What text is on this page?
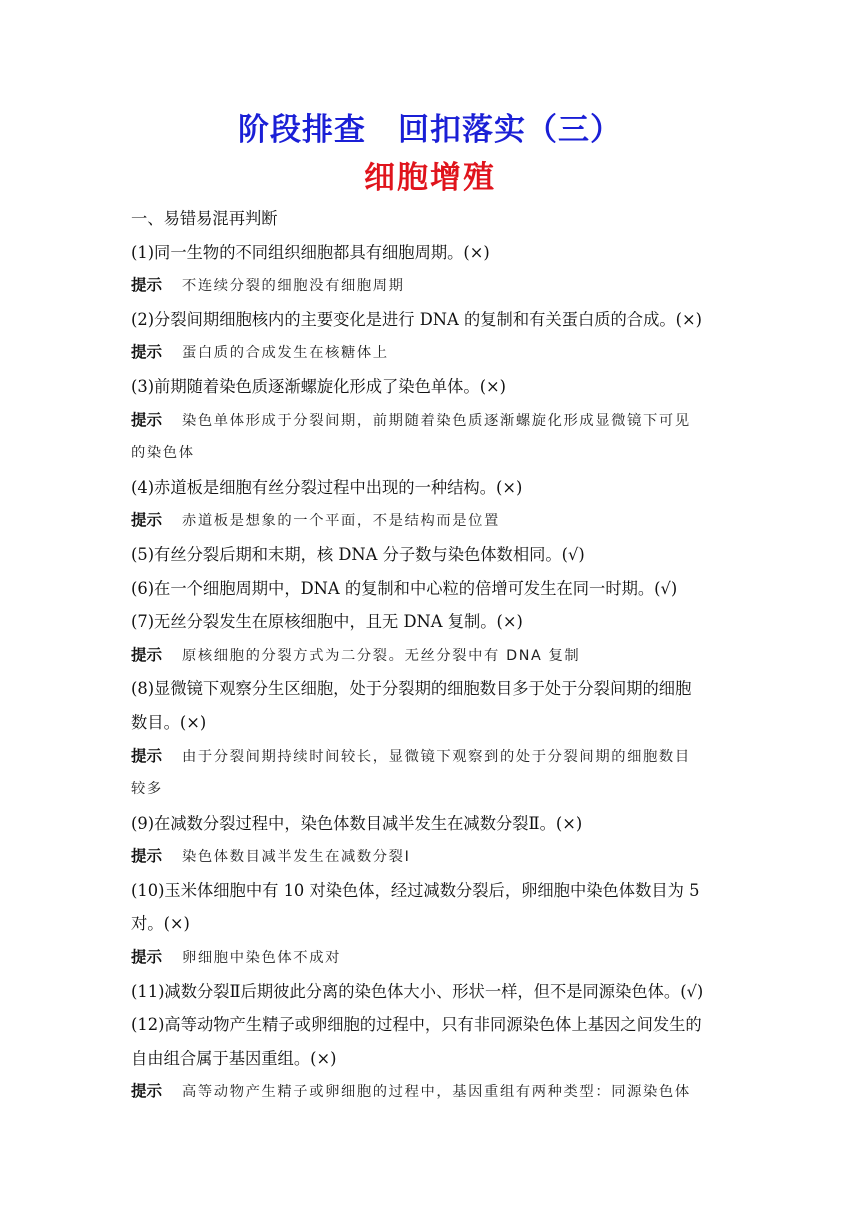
阶段排查　回扣落实（三）
细胞增殖
一、易错易混再判断
(1)同一生物的不同组织细胞都具有细胞周期。(×)
提示 不连续分裂的细胞没有细胞周期
(2)分裂间期细胞核内的主要变化是进行 DNA 的复制和有关蛋白质的合成。(×)
提示 蛋白质的合成发生在核糖体上
(3)前期随着染色质逐渐螺旋化形成了染色单体。(×)
提示 染色单体形成于分裂间期，前期随着染色质逐渐螺旋化形成显微镜下可见
的染色体
(4)赤道板是细胞有丝分裂过程中出现的一种结构。(×)
提示 赤道板是想象的一个平面，不是结构而是位置
(5)有丝分裂后期和末期，核 DNA 分子数与染色体数相同。(√)
(6)在一个细胞周期中，DNA 的复制和中心粒的倍增可发生在同一时期。(√)
(7)无丝分裂发生在原核细胞中，且无 DNA 复制。(×)
提示 原核细胞的分裂方式为二分裂。无丝分裂中有 DNA 复制
(8)显微镜下观察分生区细胞，处于分裂期的细胞数目多于处于分裂间期的细胞
数目。(×)
提示 由于分裂间期持续时间较长，显微镜下观察到的处于分裂间期的细胞数目
较多
(9)在减数分裂过程中，染色体数目减半发生在减数分裂Ⅱ。(×)
提示 染色体数目减半发生在减数分裂Ⅰ
(10)玉米体细胞中有 10 对染色体，经过减数分裂后，卵细胞中染色体数目为 5
对。(×)
提示 卵细胞中染色体不成对
(11)减数分裂Ⅱ后期彼此分离的染色体大小、形状一样，但不是同源染色体。(√)
(12)高等动物产生精子或卵细胞的过程中，只有非同源染色体上基因之间发生的
自由组合属于基因重组。(×)
提示 高等动物产生精子或卵细胞的过程中，基因重组有两种类型：同源染色体
